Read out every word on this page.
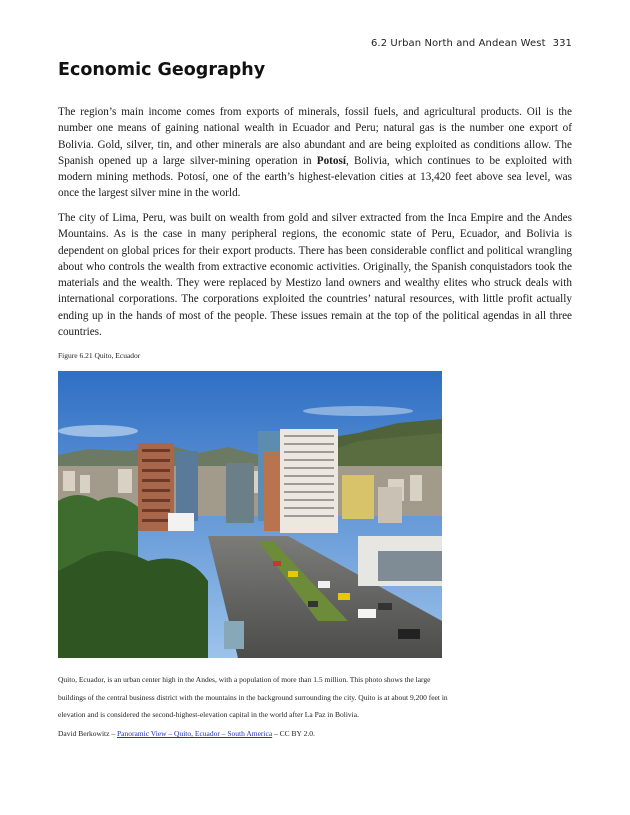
6.2 Urban North and Andean West 331
Economic Geography

The region’s main income comes from exports of minerals, fossil fuels, and agricultural products. Oil is the number one means of gaining national wealth in Ecuador and Peru; natural gas is the number one export of Bolivia. Gold, silver, tin, and other minerals are also abundant and are being exploited as conditions allow. The Spanish opened up a large silver-mining operation in Potosí, Bolivia, which continues to be exploited with modern mining methods. Potosí, one of the earth’s highest-elevation cities at 13,420 feet above sea level, was once the largest silver mine in the world.

The city of Lima, Peru, was built on wealth from gold and silver extracted from the Inca Empire and the Andes Mountains. As is the case in many peripheral regions, the economic state of Peru, Ecuador, and Bolivia is dependent on global prices for their export products. There has been considerable conflict and political wrangling about who controls the wealth from extractive economic activities. Originally, the Spanish conquistadors took the materials and the wealth. They were replaced by Mestizo land owners and wealthy elites who struck deals with international corporations. The corporations exploited the countries’ natural resources, with little profit actually ending up in the hands of most of the people. These issues remain at the top of the political agendas in all three countries.

Figure 6.21 Quito, Ecuador

Quito, Ecuador, is an urban center high in the Andes, with a population of more than 1.5 million. This photo shows the large buildings of the central business district with the mountains in the background surrounding the city. Quito is at about 9,200 feet in elevation and is considered the second-highest-elevation capital in the world after La Paz in Bolivia.

David Berkowitz – Panoramic View – Quito, Ecuador – South America – CC BY 2.0.
